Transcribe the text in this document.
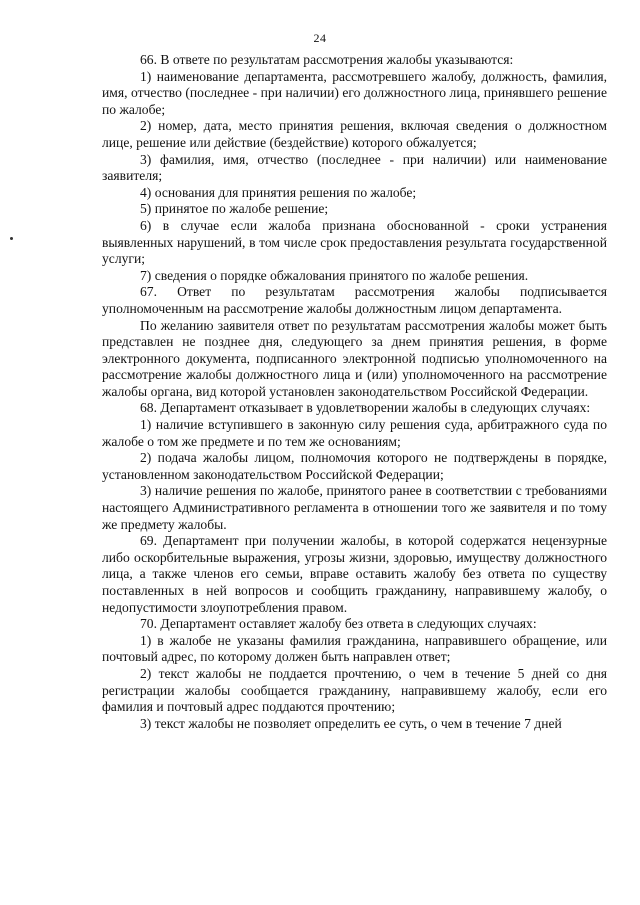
24

66. В ответе по результатам рассмотрения жалобы указываются:

1) наименование департамента, рассмотревшего жалобу, должность, фамилия, имя, отчество (последнее - при наличии) его должностного лица, принявшего решение по жалобе;

2) номер, дата, место принятия решения, включая сведения о должностном лице, решение или действие (бездействие) которого обжалуется;

3) фамилия, имя, отчество (последнее - при наличии) или наименование заявителя;

4) основания для принятия решения по жалобе;

5) принятое по жалобе решение;

6) в случае если жалоба признана обоснованной - сроки устранения выявленных нарушений, в том числе срок предоставления результата государственной услуги;

7) сведения о порядке обжалования принятого по жалобе решения.

67. Ответ по результатам рассмотрения жалобы подписывается уполномоченным на рассмотрение жалобы должностным лицом департамента.

По желанию заявителя ответ по результатам рассмотрения жалобы может быть представлен не позднее дня, следующего за днем принятия решения, в форме электронного документа, подписанного электронной подписью уполномоченного на рассмотрение жалобы должностного лица и (или) уполномоченного на рассмотрение жалобы органа, вид которой установлен законодательством Российской Федерации.

68. Департамент отказывает в удовлетворении жалобы в следующих случаях:

1) наличие вступившего в законную силу решения суда, арбитражного суда по жалобе о том же предмете и по тем же основаниям;

2) подача жалобы лицом, полномочия которого не подтверждены в порядке, установленном законодательством Российской Федерации;

3) наличие решения по жалобе, принятого ранее в соответствии с требованиями настоящего Административного регламента в отношении того же заявителя и по тому же предмету жалобы.

69. Департамент при получении жалобы, в которой содержатся нецензурные либо оскорбительные выражения, угрозы жизни, здоровью, имуществу должностного лица, а также членов его семьи, вправе оставить жалобу без ответа по существу поставленных в ней вопросов и сообщить гражданину, направившему жалобу, о недопустимости злоупотребления правом.

70. Департамент оставляет жалобу без ответа в следующих случаях:

1) в жалобе не указаны фамилия гражданина, направившего обращение, или почтовый адрес, по которому должен быть направлен ответ;

2) текст жалобы не поддается прочтению, о чем в течение 5 дней со дня регистрации жалобы сообщается гражданину, направившему жалобу, если его фамилия и почтовый адрес поддаются прочтению;

3) текст жалобы не позволяет определить ее суть, о чем в течение 7 дней
